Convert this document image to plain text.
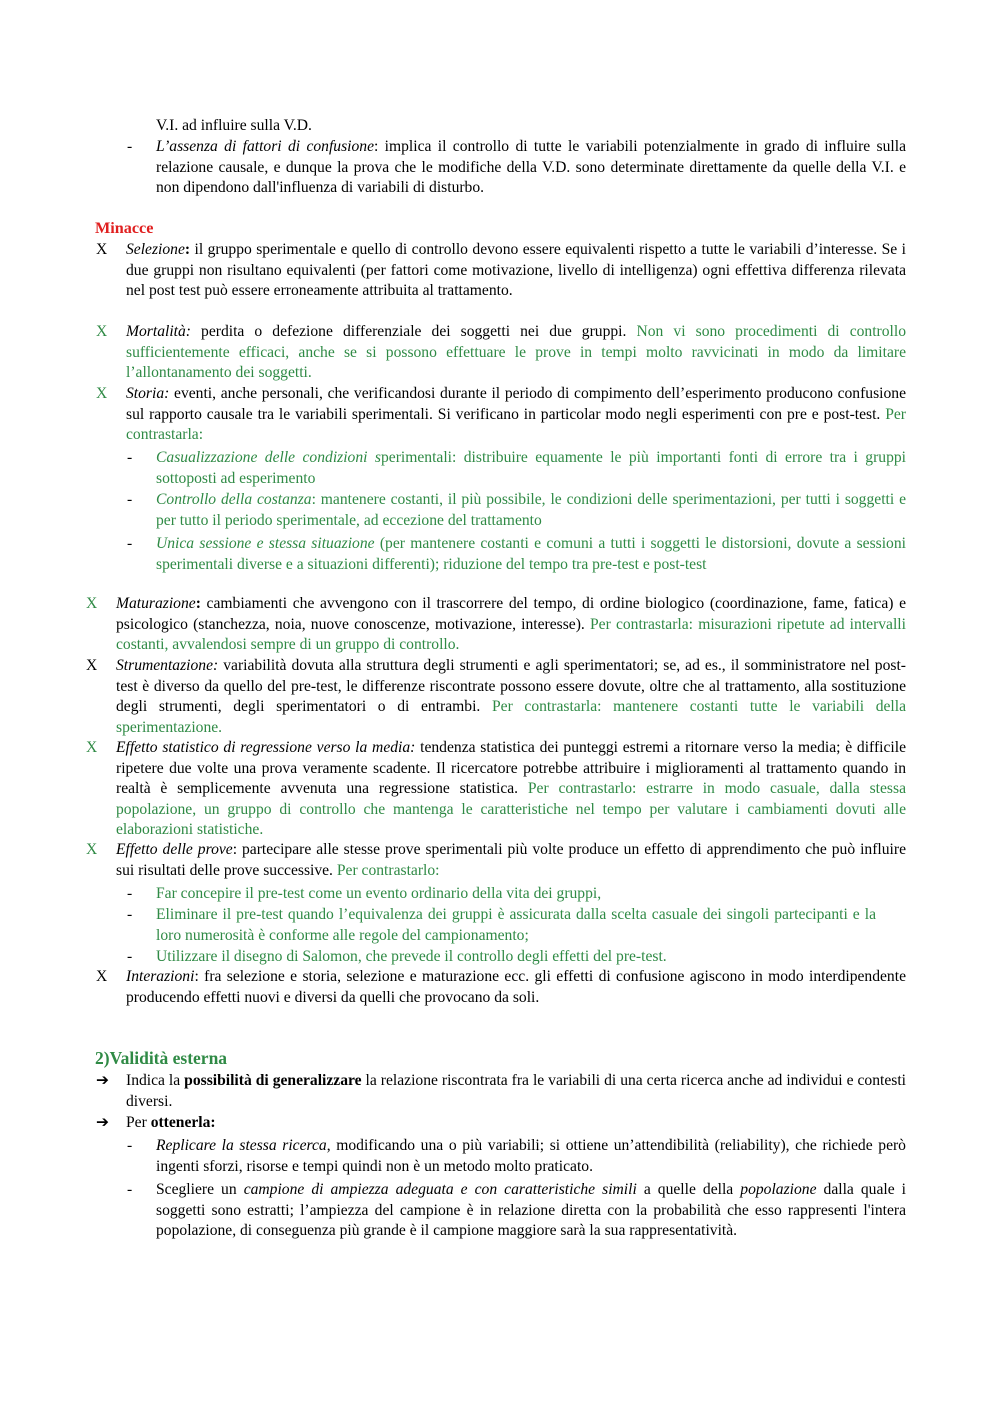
V.I. ad influire sulla V.D.
- L’assenza di fattori di confusione: implica il controllo di tutte le variabili potenzialmente in grado di influire sulla relazione causale, e dunque la prova che le modifiche della V.D. sono determinate direttamente da quelle della V.I. e non dipendono dall'influenza di variabili di disturbo.
Minacce
X Selezione: il gruppo sperimentale e quello di controllo devono essere equivalenti rispetto a tutte le variabili d’interesse. Se i due gruppi non risultano equivalenti (per fattori come motivazione, livello di intelligenza) ogni effettiva differenza rilevata nel post test può essere erroneamente attribuita al trattamento.
X Mortalità: perdita o defezione differenziale dei soggetti nei due gruppi. Non vi sono procedimenti di controllo sufficientemente efficaci, anche se si possono effettuare le prove in tempi molto ravvicinati in modo da limitare l’allontanamento dei soggetti.
X Storia: eventi, anche personali, che verificandosi durante il periodo di compimento dell’esperimento producono confusione sul rapporto causale tra le variabili sperimentali. Si verificano in particolar modo negli esperimenti con pre e post-test. Per contrastarla:
- Casualizzazione delle condizioni sperimentali: distribuire equamente le più importanti fonti di errore tra i gruppi sottoposti ad esperimento
- Controllo della costanza: mantenere costanti, il più possibile, le condizioni delle sperimentazioni, per tutti i soggetti e per tutto il periodo sperimentale, ad eccezione del trattamento
- Unica sessione e stessa situazione (per mantenere costanti e comuni a tutti i soggetti le distorsioni, dovute a sessioni sperimentali diverse e a situazioni differenti); riduzione del tempo tra pre-test e post-test
X Maturazione: cambiamenti che avvengono con il trascorrere del tempo, di ordine biologico (coordinazione, fame, fatica) e psicologico (stanchezza, noia, nuove conoscenze, motivazione, interesse). Per contrastarla: misurazioni ripetute ad intervalli costanti, avvalendosi sempre di un gruppo di controllo.
X Strumentazione: variabilità dovuta alla struttura degli strumenti e agli sperimentatori; se, ad es., il somministratore nel post-test è diverso da quello del pre-test, le differenze riscontrate possono essere dovute, oltre che al trattamento, alla sostituzione degli strumenti, degli sperimentatori o di entrambi. Per contrastarla: mantenere costanti tutte le variabili della sperimentazione.
X Effetto statistico di regressione verso la media: tendenza statistica dei punteggi estremi a ritornare verso la media; è difficile ripetere due volte una prova veramente scadente. Il ricercatore potrebbe attribuire i miglioramenti al trattamento quando in realtà è semplicemente avvenuta una regressione statistica. Per contrastarlo: estrarre in modo casuale, dalla stessa popolazione, un gruppo di controllo che mantenga le caratteristiche nel tempo per valutare i cambiamenti dovuti alle elaborazioni statistiche.
X Effetto delle prove: partecipare alle stesse prove sperimentali più volte produce un effetto di apprendimento che può influire sui risultati delle prove successive. Per contrastarlo:
- Far concepire il pre-test come un evento ordinario della vita dei gruppi,
- Eliminare il pre-test quando l’equivalenza dei gruppi è assicurata dalla scelta casuale dei singoli partecipanti e la loro numerosità è conforme alle regole del campionamento;
- Utilizzare il disegno di Salomon, che prevede il controllo degli effetti del pre-test.
X Interazioni: fra selezione e storia, selezione e maturazione ecc. gli effetti di confusione agiscono in modo interdipendente producendo effetti nuovi e diversi da quelli che provocano da soli.
2)Validità esterna
➔ Indica la possibilità di generalizzare la relazione riscontrata fra le variabili di una certa ricerca anche ad individui e contesti diversi.
➔ Per ottenerla:
- Replicare la stessa ricerca, modificando una o più variabili; si ottiene un’attendibilità (reliability), che richiede però ingenti sforzi, risorse e tempi quindi non è un metodo molto praticato.
- Scegliere un campione di ampiezza adeguata e con caratteristiche simili a quelle della popolazione dalla quale i soggetti sono estratti; l’ampiezza del campione è in relazione diretta con la probabilità che esso rappresenti l'intera popolazione, di conseguenza più grande è il campione maggiore sarà la sua rappresentatività.
